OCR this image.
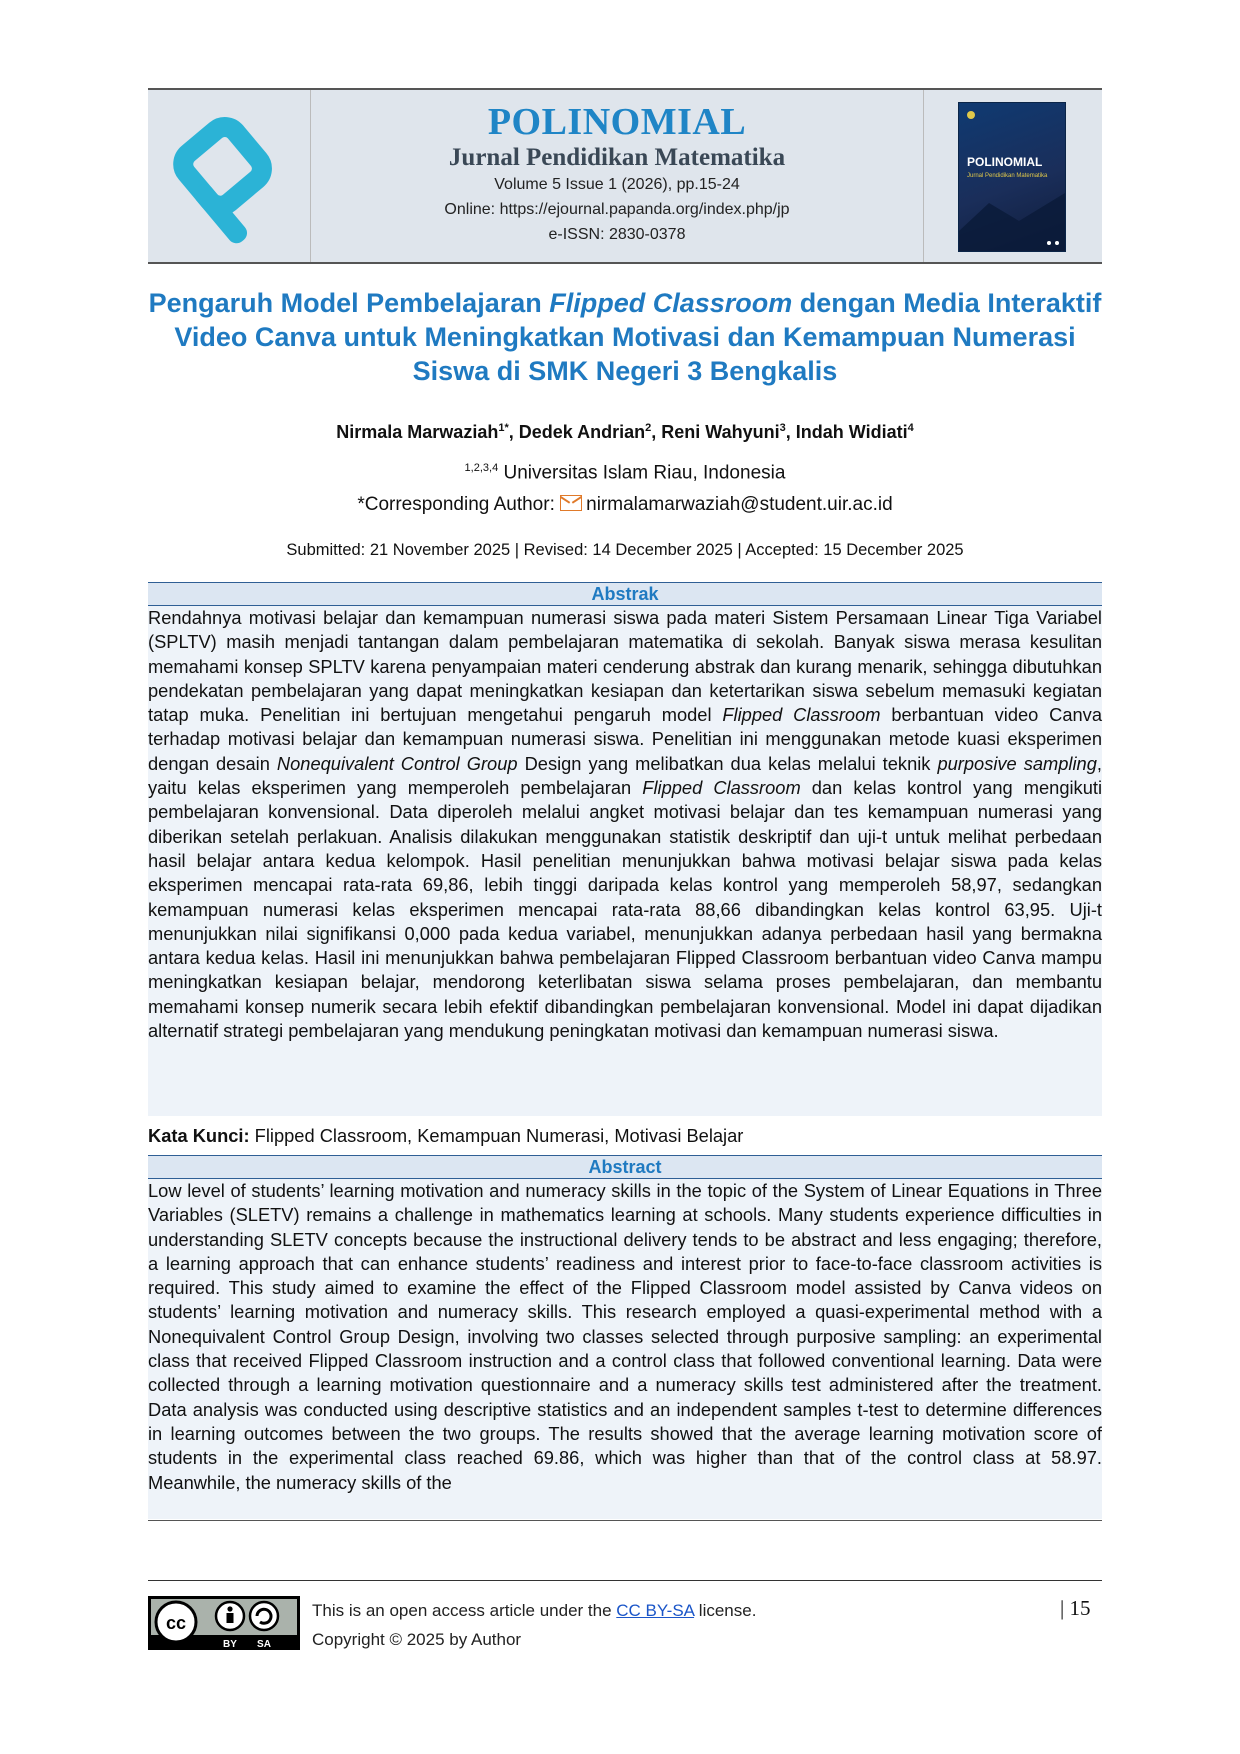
POLINOMIAL
Jurnal Pendidikan Matematika
Volume 5 Issue 1 (2026), pp.15-24
Online: https://ejournal.papanda.org/index.php/jp
e-ISSN: 2830-0378
POLINOMIAL
Jurnal Pendidikan Matematika
Pengaruh Model Pembelajaran Flipped Classroom dengan Media Interaktif Video Canva untuk Meningkatkan Motivasi dan Kemampuan Numerasi Siswa di SMK Negeri 3 Bengkalis
Nirmala Marwaziah$^{1*}$, Dedek Andrian$^2$, Reni Wahyuni$^3$, Indah Widiati$^4$
$^{1,2,3,4}$ Universitas Islam Riau, Indonesia
*Corresponding Author: nirmalamarwaziah@student.uir.ac.id
Submitted: 21 November 2025 | Revised: 14 December 2025 | Accepted: 15 December 2025
Abstrak
Rendahnya motivasi belajar dan kemampuan numerasi siswa pada materi Sistem Persamaan Linear Tiga Variabel (SPLTV) masih menjadi tantangan dalam pembelajaran matematika di sekolah. Banyak siswa merasa kesulitan memahami konsep SPLTV karena penyampaian materi cenderung abstrak dan kurang menarik, sehingga dibutuhkan pendekatan pembelajaran yang dapat meningkatkan kesiapan dan ketertarikan siswa sebelum memasuki kegiatan tatap muka. Penelitian ini bertujuan mengetahui pengaruh model Flipped Classroom berbantuan video Canva terhadap motivasi belajar dan kemampuan numerasi siswa. Penelitian ini menggunakan metode kuasi eksperimen dengan desain Nonequivalent Control Group Design yang melibatkan dua kelas melalui teknik purposive sampling, yaitu kelas eksperimen yang memperoleh pembelajaran Flipped Classroom dan kelas kontrol yang mengikuti pembelajaran konvensional. Data diperoleh melalui angket motivasi belajar dan tes kemampuan numerasi yang diberikan setelah perlakuan. Analisis dilakukan menggunakan statistik deskriptif dan uji-t untuk melihat perbedaan hasil belajar antara kedua kelompok. Hasil penelitian menunjukkan bahwa motivasi belajar siswa pada kelas eksperimen mencapai rata-rata 69,86, lebih tinggi daripada kelas kontrol yang memperoleh 58,97, sedangkan kemampuan numerasi kelas eksperimen mencapai rata-rata 88,66 dibandingkan kelas kontrol 63,95. Uji-t menunjukkan nilai signifikansi 0,000 pada kedua variabel, menunjukkan adanya perbedaan hasil yang bermakna antara kedua kelas. Hasil ini menunjukkan bahwa pembelajaran Flipped Classroom berbantuan video Canva mampu meningkatkan kesiapan belajar, mendorong keterlibatan siswa selama proses pembelajaran, dan membantu memahami konsep numerik secara lebih efektif dibandingkan pembelajaran konvensional. Model ini dapat dijadikan alternatif strategi pembelajaran yang mendukung peningkatan motivasi dan kemampuan numerasi siswa.
Kata Kunci: Flipped Classroom, Kemampuan Numerasi, Motivasi Belajar
Abstract
Low level of students’ learning motivation and numeracy skills in the topic of the System of Linear Equations in Three Variables (SLETV) remains a challenge in mathematics learning at schools. Many students experience difficulties in understanding SLETV concepts because the instructional delivery tends to be abstract and less engaging; therefore, a learning approach that can enhance students’ readiness and interest prior to face-to-face classroom activities is required. This study aimed to examine the effect of the Flipped Classroom model assisted by Canva videos on students’ learning motivation and numeracy skills. This research employed a quasi-experimental method with a Nonequivalent Control Group Design, involving two classes selected through purposive sampling: an experimental class that received Flipped Classroom instruction and a control class that followed conventional learning. Data were collected through a learning motivation questionnaire and a numeracy skills test administered after the treatment. Data analysis was conducted using descriptive statistics and an independent samples t-test to determine differences in learning outcomes between the two groups. The results showed that the average learning motivation score of students in the experimental class reached 69.86, which was higher than that of the control class at 58.97. Meanwhile, the numeracy skills of the
cc
BY SA
This is an open access article under the CC BY-SA license.
Copyright © 2025 by Author
| 15
